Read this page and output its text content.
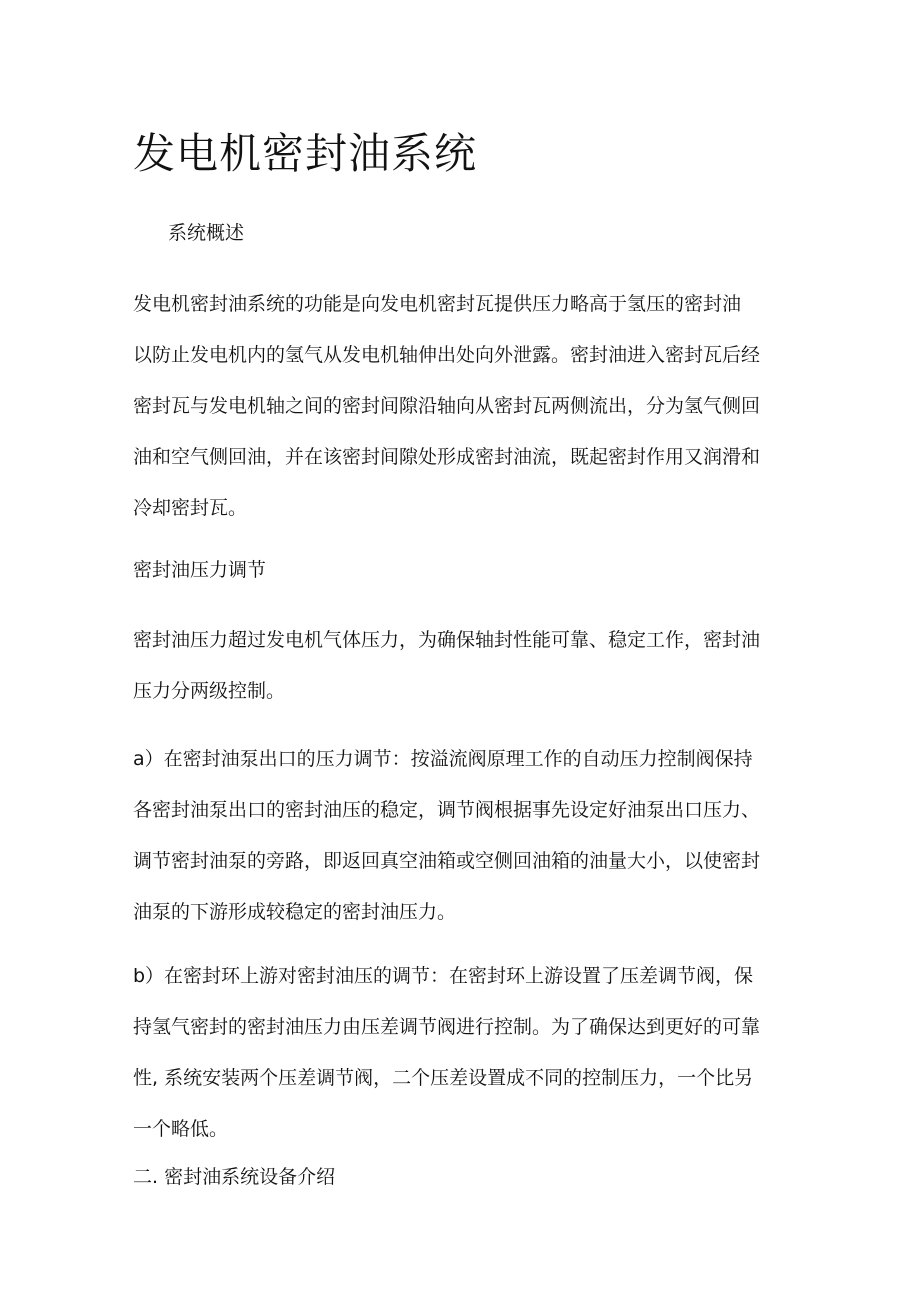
发电机密封油系统
系统概述

发电机密封油系统的功能是向发电机密封瓦提供压力略高于氢压的密封油
以防止发电机内的氢气从发电机轴伸出处向外泄露。密封油进入密封瓦后经
密封瓦与发电机轴之间的密封间隙沿轴向从密封瓦两侧流出，分为氢气侧回
油和空气侧回油，并在该密封间隙处形成密封油流，既起密封作用又润滑和
冷却密封瓦。

密封油压力调节

密封油压力超过发电机气体压力，为确保轴封性能可靠、稳定工作，密封油
压力分两级控制。

a）在密封油泵出口的压力调节：按溢流阀原理工作的自动压力控制阀保持
各密封油泵出口的密封油压的稳定，调节阀根据事先设定好油泵出口压力、
调节密封油泵的旁路，即返回真空油箱或空侧回油箱的油量大小，以使密封
油泵的下游形成较稳定的密封油压力。

b）在密封环上游对密封油压的调节：在密封环上游设置了压差调节阀，保
持氢气密封的密封油压力由压差调节阀进行控制。为了确保达到更好的可靠
性, 系统安装两个压差调节阀，二个压差设置成不同的控制压力，一个比另
一个略低。

二. 密封油系统设备介绍
